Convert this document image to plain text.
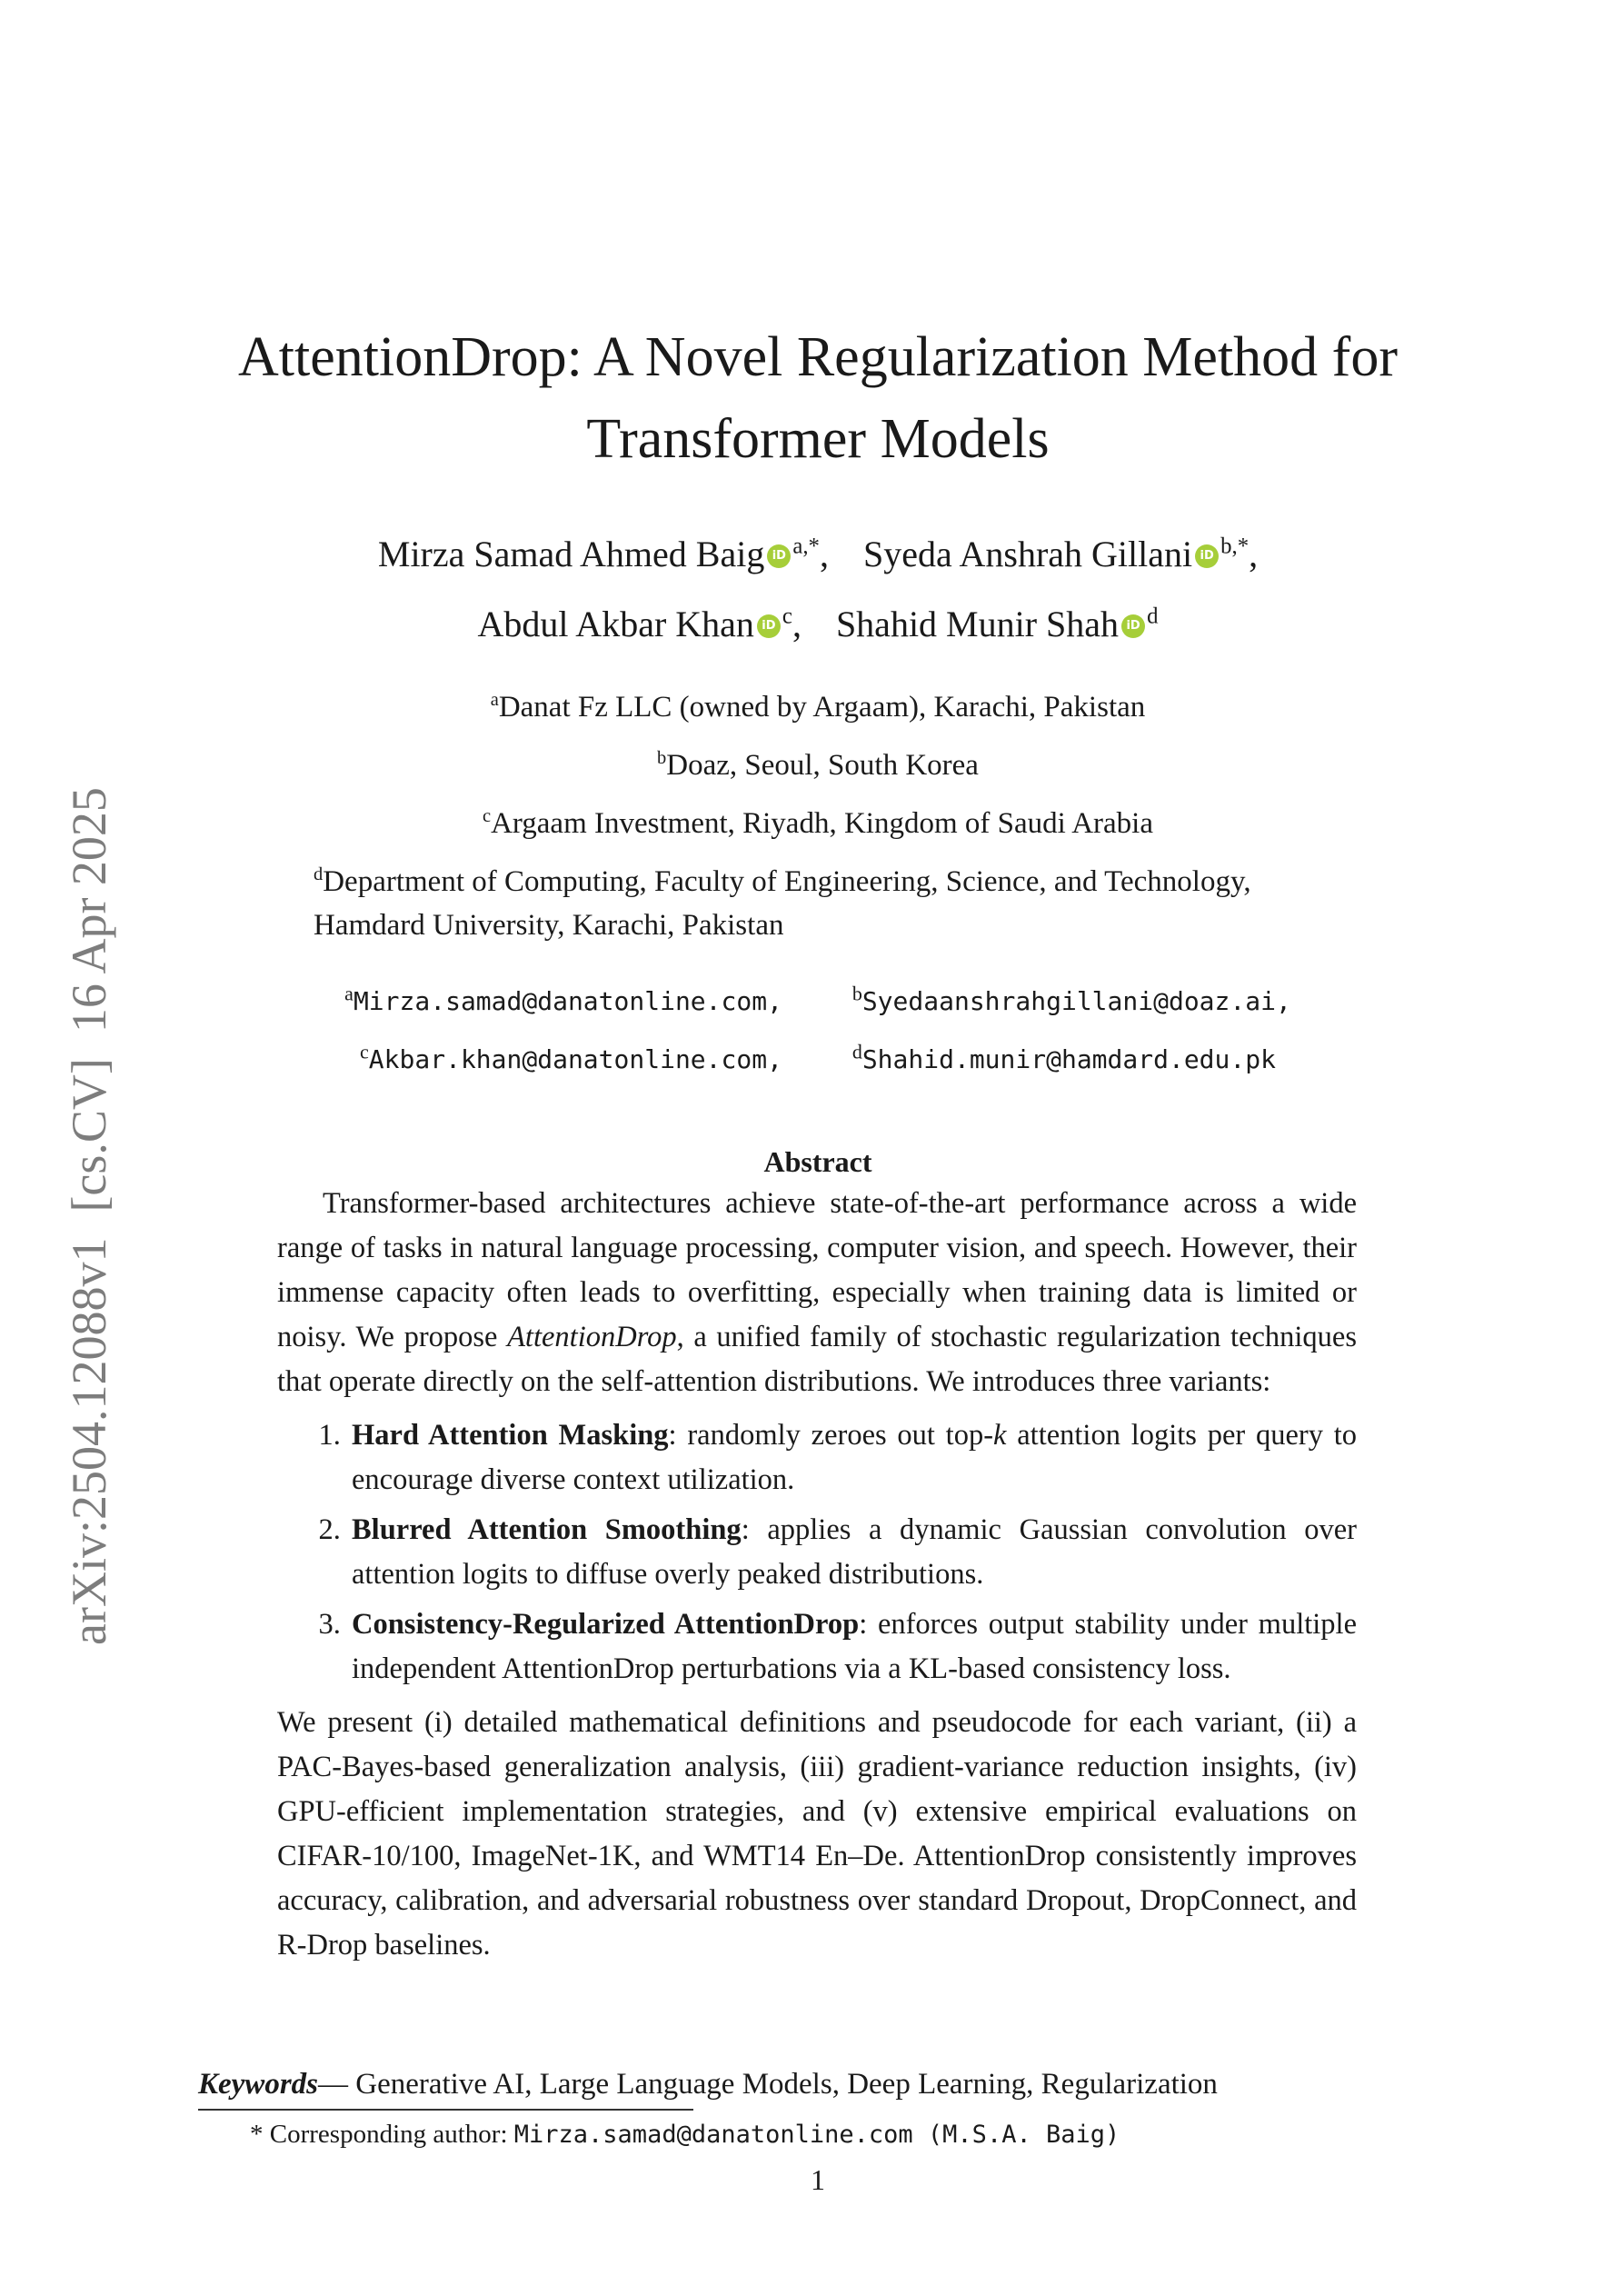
arXiv:2504.12088v1[cs.CV]16 Apr 2025
AttentionDrop: A Novel Regularization Method for Transformer Models
Mirza Samad Ahmed Baig iD $^{a,*}$, Syeda Anshrah Gillani iD $^{b,*}$,
Abdul Akbar Khan iD $^c$, Shahid Munir Shah iD $^d$
$^a$Danat Fz LLC (owned by Argaam), Karachi, Pakistan
$^b$Doaz, Seoul, South Korea
$^c$Argaam Investment, Riyadh, Kingdom of Saudi Arabia
$^d$Department of Computing, Faculty of Engineering, Science, and Technology, Hamdard University, Karachi, Pakistan
$^a$Mirza.samad@danatonline.com,	$^b$Syedaanshrahgillani@doaz.ai,
$^c$Akbar.khan@danatonline.com,	$^d$Shahid.munir@hamdard.edu.pk
Abstract

Transformer-based architectures achieve state-of-the-art performance across a wide range of tasks in natural language processing, computer vision, and speech. However, their immense capacity often leads to overfitting, especially when training data is limited or noisy. We propose AttentionDrop, a unified family of stochastic regularization techniques that operate directly on the self-attention distributions. We introduces three variants:

1. Hard Attention Masking: randomly zeroes out top-k attention logits per query to encourage diverse context utilization.
2. Blurred Attention Smoothing: applies a dynamic Gaussian convolution over attention logits to diffuse overly peaked distributions.
3. Consistency-Regularized AttentionDrop: enforces output stability under multiple independent AttentionDrop perturbations via a KL-based consistency loss.

We present (i) detailed mathematical definitions and pseudocode for each variant, (ii) a PAC-Bayes-based generalization analysis, (iii) gradient-variance reduction insights, (iv) GPU-efficient implementation strategies, and (v) extensive empirical evaluations on CIFAR-10/100, ImageNet-1K, and WMT14 En–De. AttentionDrop consistently improves accuracy, calibration, and adversarial robustness over standard Dropout, DropConnect, and R-Drop baselines.

Keywords— Generative AI, Large Language Models, Deep Learning, Regularization
* Corresponding author: Mirza.samad@danatonline.com (M.S.A. Baig)
1
